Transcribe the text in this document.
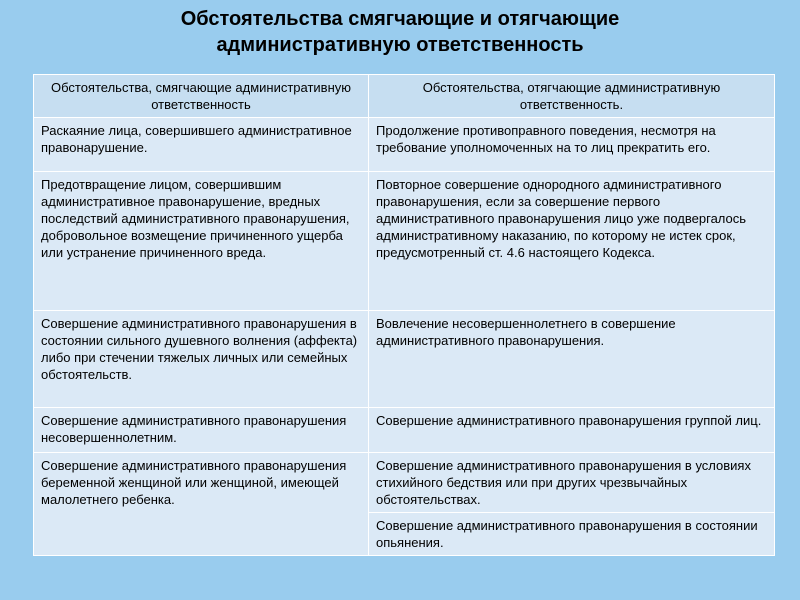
Обстоятельства смягчающие и отягчающие
административную ответственность
Обстоятельства, смягчающие административную ответственность	Обстоятельства, отягчающие административную ответственность.
Раскаяние лица, совершившего административное правонарушение.	Продолжение противоправного поведения, несмотря на требование уполномоченных на то лиц прекратить его.
Предотвращение лицом, совершившим административное правонарушение, вредных последствий административного правонарушения, добровольное возмещение причиненного ущерба или устранение причиненного вреда.	Повторное совершение однородного административного правонарушения, если за совершение первого административного правонарушения лицо уже подвергалось административному наказанию, по которому не истек срок, предусмотренный ст. 4.6 настоящего Кодекса.
Совершение административного правонарушения в состоянии сильного душевного волнения (аффекта) либо при стечении тяжелых личных или семейных обстоятельств.	Вовлечение несовершеннолетнего в совершение административного правонарушения.
Совершение административного правонарушения несовершеннолетним.	Совершение административного правонарушения группой лиц.
Совершение административного правонарушения беременной женщиной или женщиной, имеющей малолетнего ребенка.	Совершение административного правонарушения в условиях стихийного бедствия или при других чрезвычайных обстоятельствах.
	Совершение административного правонарушения в состоянии опьянения.
